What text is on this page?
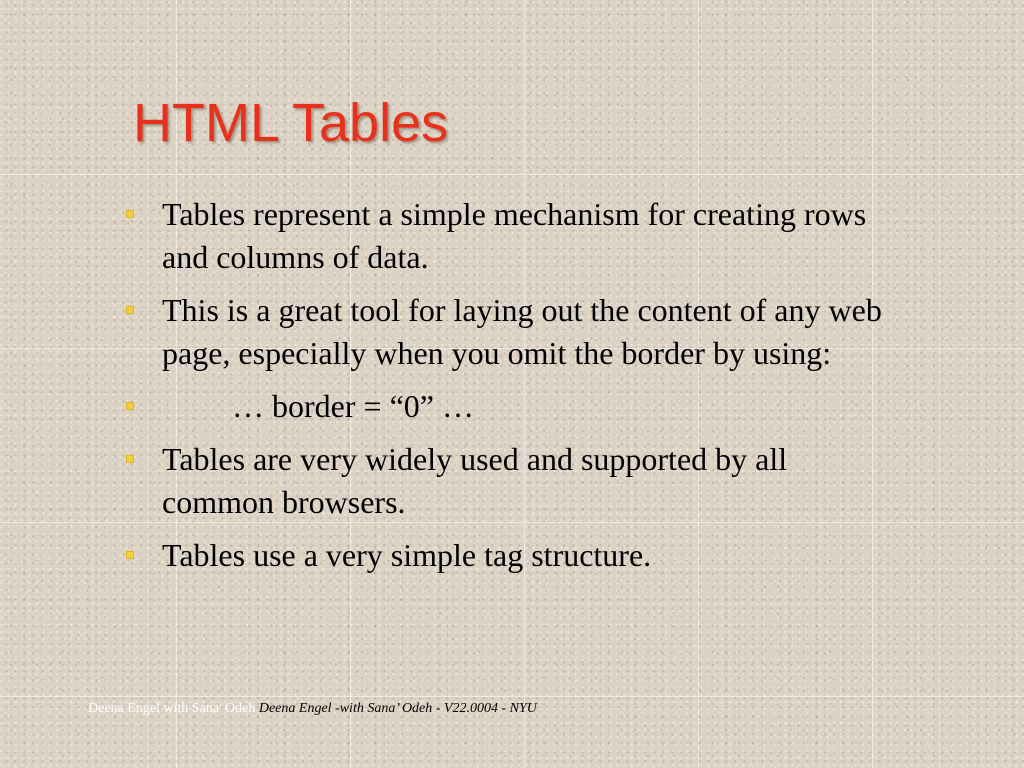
HTML Tables
Tables represent a simple mechanism for creating rows and columns of data.
This is a great tool for laying out the content of any web page, especially when you omit the border by using:
… border = “0” …
Tables are very widely used and supported by all common browsers.
Tables use a very simple tag structure.
Deena Engel with Sana' Odeh Deena Engel -with Sana’ Odeh - V22.0004 - NYU
